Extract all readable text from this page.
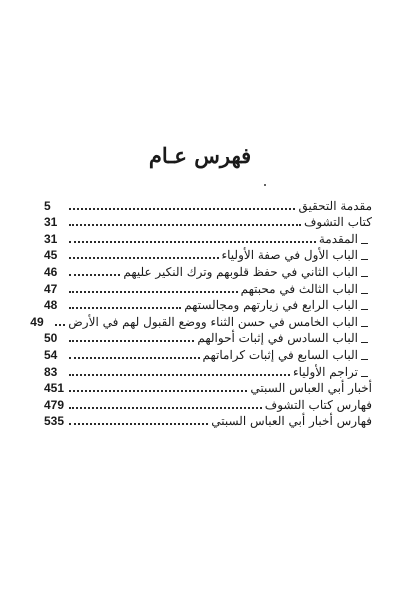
فهرس عـام
مقدمة التحقيق
5
كتاب التشوف
31
المقدمة
31
الباب الأول في صفة الأولياء
45
الباب الثاني في حفظ قلوبهم وترك النكير عليهم
46
الباب الثالث في محبتهم
47
الباب الرابع في زيارتهم ومجالستهم
48
الباب الخامس في حسن الثناء ووضع القبول لهم في الأرض
49
الباب السادس في إثبات أحوالهم
50
الباب السابع في إثبات كراماتهم
54
تراجم الأولياء
83
أخبار أبي العباس السبتي
451
فهارس كتاب التشوف
479
فهارس أخبار أبي العباس السبتي
535
